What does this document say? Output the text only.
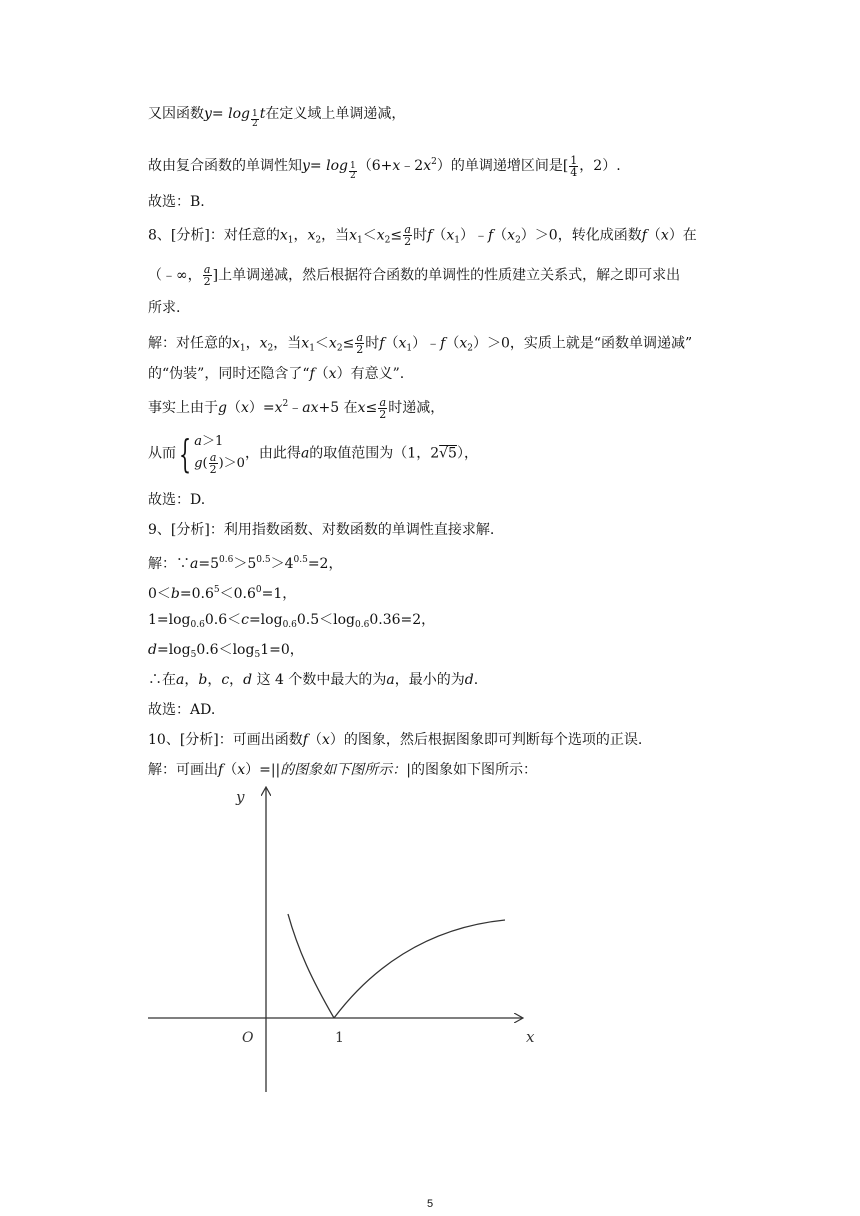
又因函数$y= \log \frac{1}{2}$ t在定义域上单调递减，
故由复合函数的单调性知$y= \log \frac{1}{2}$ $(6+x﹣2x^2)$的单调递增区间是[ $\frac{1}{4}$ ，2）.
故选：B.
8、[分析]：对任意的$x_1$，$x_2$，当$x_1<x_2\le \frac{a}{2}$ 时$f(x_1)﹣f(x_2)>0$，转化成函数f（x）在
（﹣∞， $\frac{a}{2}$ ]上单调递减，然后根据符合函数的单调性的性质建立关系式，解之即可求出
所求.
解：对任意的$x_1$，$x_2$，当$x_1<x_2\le \frac{a}{2}$ 时$f(x_1)﹣f(x_2)>0$，实质上就是“函数单调递减”
的“伪装”，同时还隐含了“f（x）有意义”.
事实上由于$g(x)=x^2﹣ax+5$ 在$x\le \frac{a}{2}$ 时递减，
从而{ a＞1
$g( \frac{a}{2} )>0$
，由此得a的取值范围为（1，2√5），
故选：D.
9、[分析]：利用指数函数、对数函数的单调性直接求解.
解：$\because a=5^{0.6}>5^{0.5}>4^{0.5}=2$，
$0<b=0.6^5<0.6^0=1$，
$1=\log_{0.6}0.6<c=\log_{0.6}0.5<\log_{0.6}0.36=2$，
$d=\log_50.6<\log_51=0$，
∴在a，b，c，d 这 4 个数中最大的为a，最小的为d.
故选：AD.
10、[分析]：可画出函数f（x）的图象，然后根据图象即可判断每个选项的正误.
解：可画出f（x）=||的图象如下图所示：|的图象如下图所示：
y
x
O	1
5
